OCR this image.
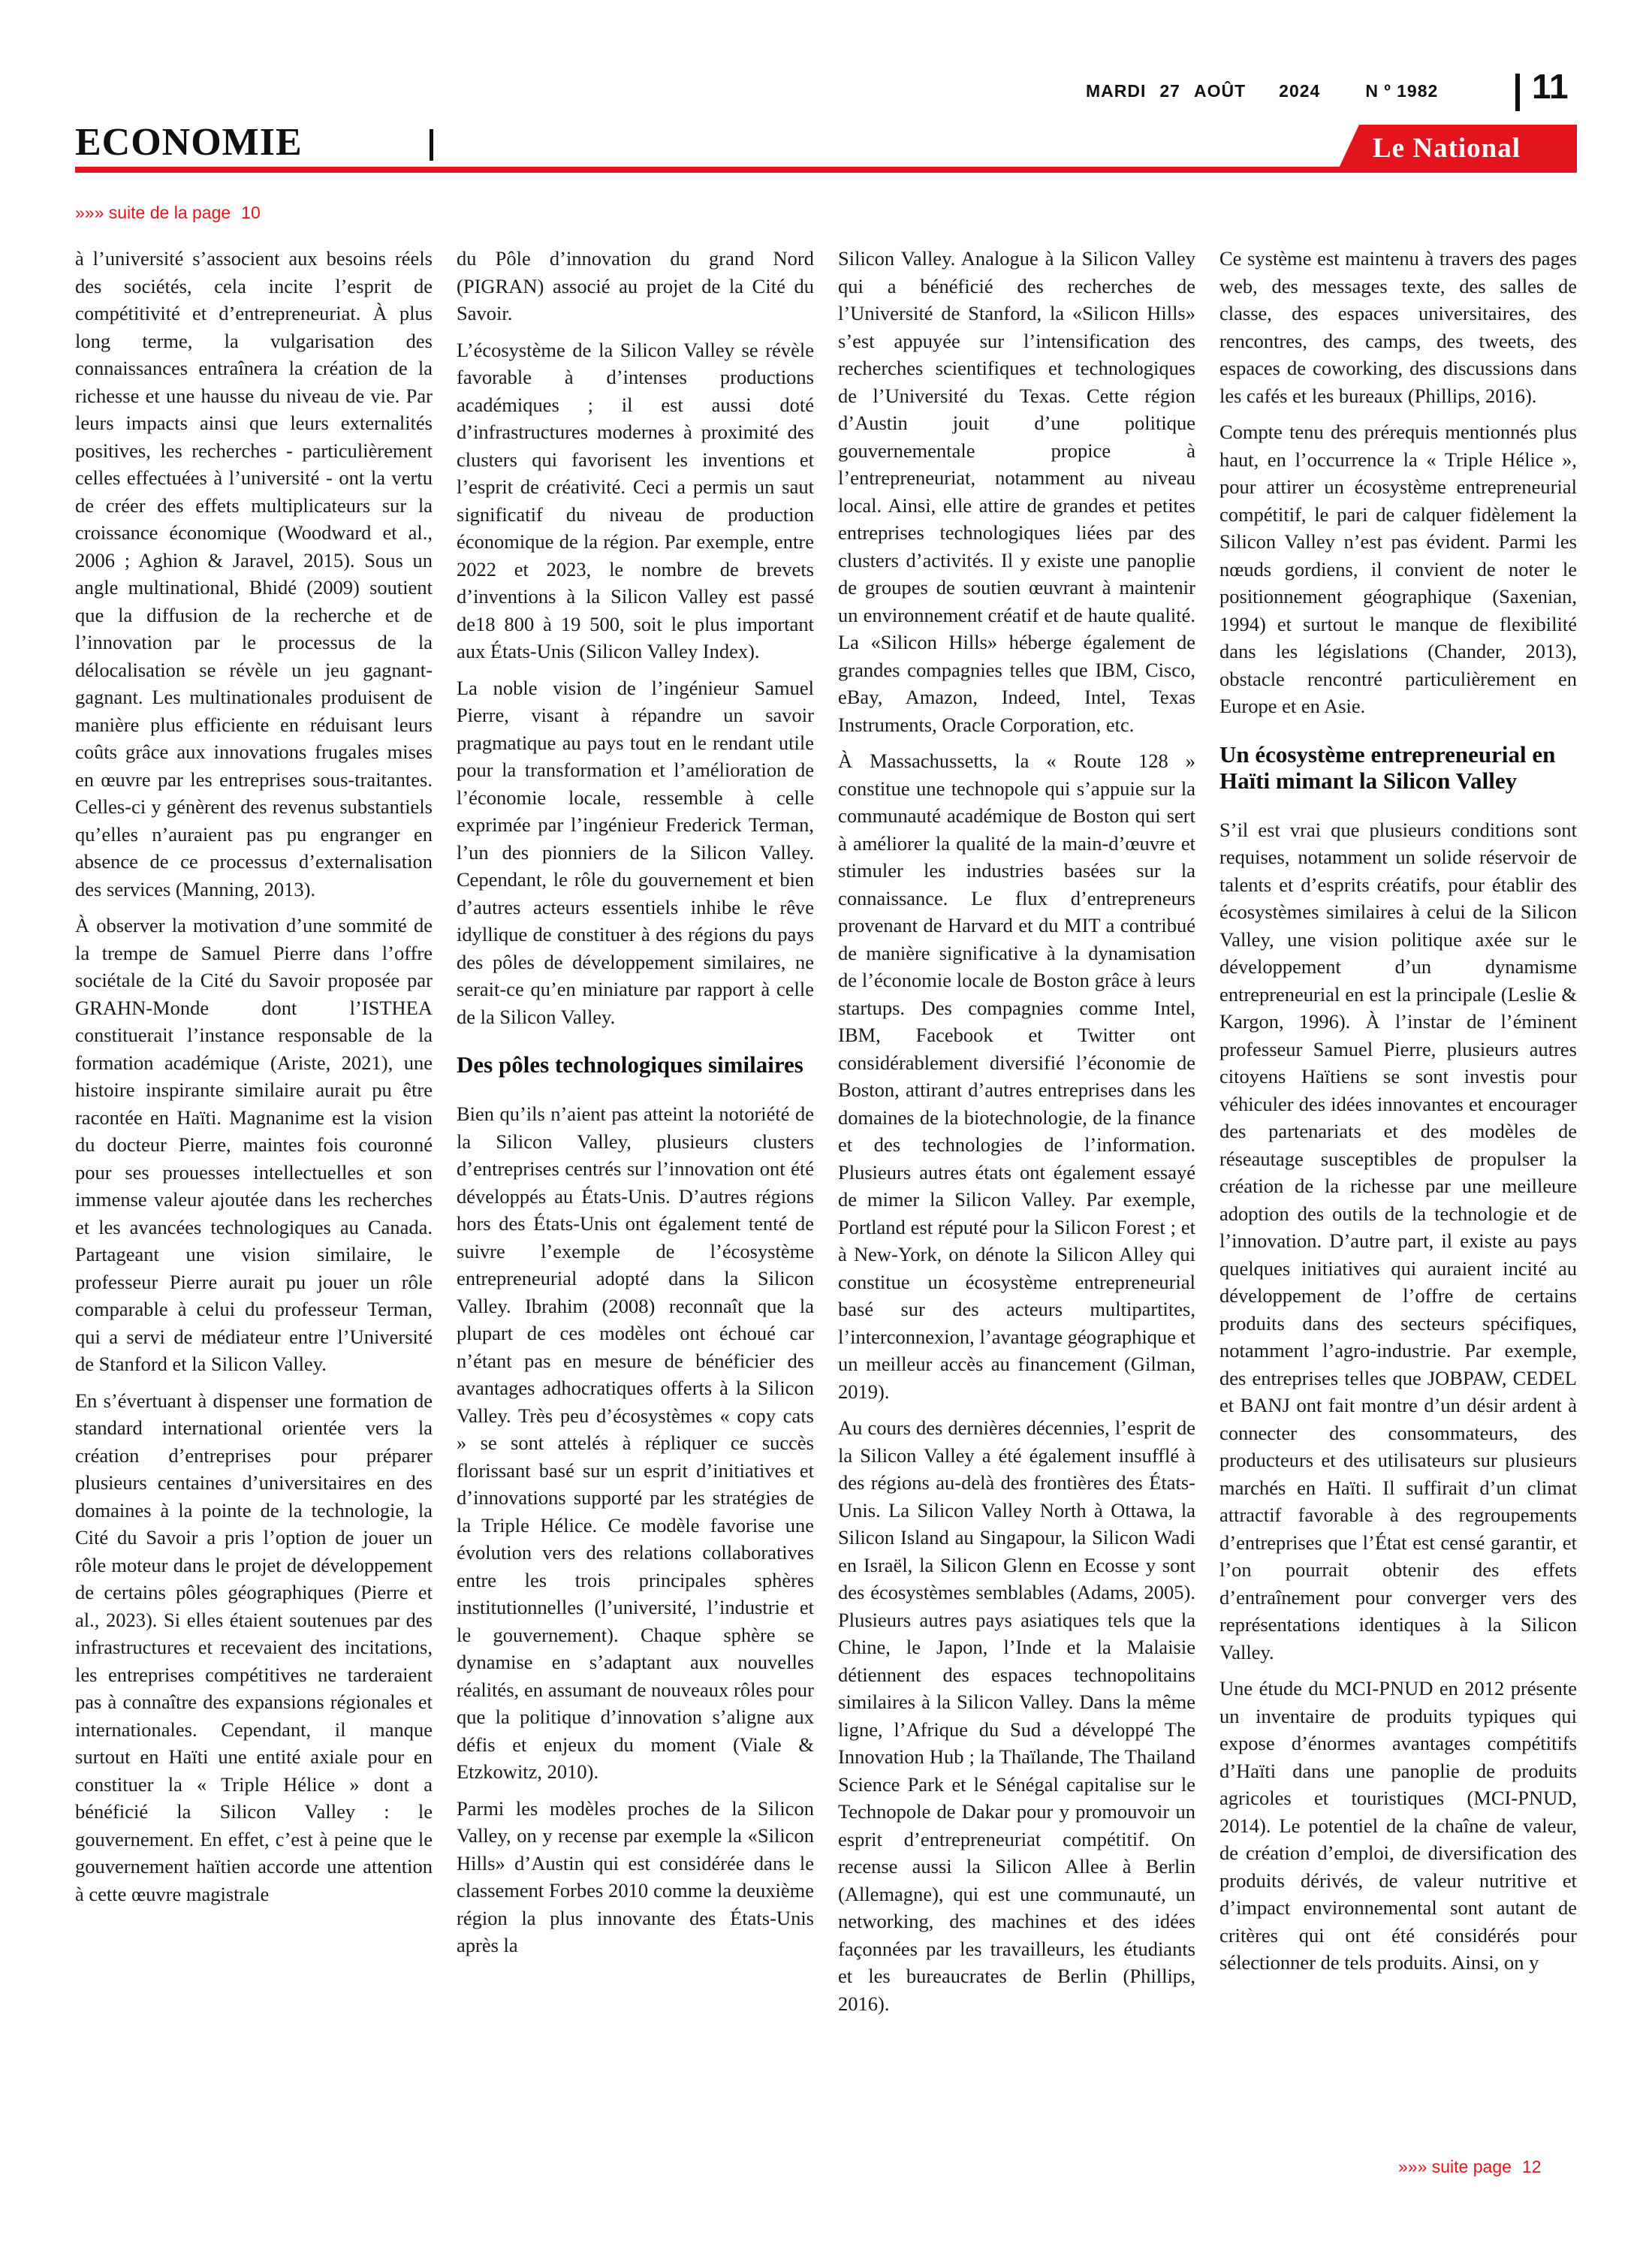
MARDI 27 AOÛT 2024	N º 1982	11
ECONOMIE	Le National
»»» suite de la page 10

à l’université s’associent aux besoins réels des sociétés, cela incite l’esprit de compétitivité et d’entrepreneuriat. À plus long terme, la vulgarisation des connaissances entraînera la création de la richesse et une hausse du niveau de vie. Par leurs impacts ainsi que leurs externalités positives, les recherches - particulièrement celles effectuées à l’université - ont la vertu de créer des effets multiplicateurs sur la croissance économique (Woodward et al., 2006 ; Aghion & Jaravel, 2015). Sous un angle multinational, Bhidé (2009) soutient que la diffusion de la recherche et de l’innovation par le processus de la délocalisation se révèle un jeu gagnant-gagnant. Les multinationales produisent de manière plus efficiente en réduisant leurs coûts grâce aux innovations frugales mises en œuvre par les entreprises sous-traitantes. Celles-ci y génèrent des revenus substantiels qu’elles n’auraient pas pu engranger en absence de ce processus d’externalisation des services (Manning, 2013).

À observer la motivation d’une sommité de la trempe de Samuel Pierre dans l’offre sociétale de la Cité du Savoir proposée par GRAHN-Monde dont l’ISTHEA constituerait l’instance responsable de la formation académique (Ariste, 2021), une histoire inspirante similaire aurait pu être racontée en Haïti. Magnanime est la vision du docteur Pierre, maintes fois couronné pour ses prouesses intellectuelles et son immense valeur ajoutée dans les recherches et les avancées technologiques au Canada. Partageant une vision similaire, le professeur Pierre aurait pu jouer un rôle comparable à celui du professeur Terman, qui a servi de médiateur entre l’Université de Stanford et la Silicon Valley.

En s’évertuant à dispenser une formation de standard international orientée vers la création d’entreprises pour préparer plusieurs centaines d’universitaires en des domaines à la pointe de la technologie, la Cité du Savoir a pris l’option de jouer un rôle moteur dans le projet de développement de certains pôles géographiques (Pierre et al., 2023). Si elles étaient soutenues par des infrastructures et recevaient des incitations, les entreprises compétitives ne tarderaient pas à connaître des expansions régionales et internationales. Cependant, il manque surtout en Haïti une entité axiale pour en constituer la « Triple Hélice » dont a bénéficié la Silicon Valley : le gouvernement. En effet, c’est à peine que le gouvernement haïtien accorde une attention à cette œuvre magistrale

du Pôle d’innovation du grand Nord (PIGRAN) associé au projet de la Cité du Savoir.

L’écosystème de la Silicon Valley se révèle favorable à d’intenses productions académiques ; il est aussi doté d’infrastructures modernes à proximité des clusters qui favorisent les inventions et l’esprit de créativité. Ceci a permis un saut significatif du niveau de production économique de la région. Par exemple, entre 2022 et 2023, le nombre de brevets d’inventions à la Silicon Valley est passé de18 800 à 19 500, soit le plus important aux États-Unis (Silicon Valley Index).

La noble vision de l’ingénieur Samuel Pierre, visant à répandre un savoir pragmatique au pays tout en le rendant utile pour la transformation et l’amélioration de l’économie locale, ressemble à celle exprimée par l’ingénieur Frederick Terman, l’un des pionniers de la Silicon Valley. Cependant, le rôle du gouvernement et bien d’autres acteurs essentiels inhibe le rêve idyllique de constituer à des régions du pays des pôles de développement similaires, ne serait-ce qu’en miniature par rapport à celle de la Silicon Valley.

Des pôles technologiques similaires

Bien qu’ils n’aient pas atteint la notoriété de la Silicon Valley, plusieurs clusters d’entreprises centrés sur l’innovation ont été développés au États-Unis. D’autres régions hors des États-Unis ont également tenté de suivre l’exemple de l’écosystème entrepreneurial adopté dans la Silicon Valley. Ibrahim (2008) reconnaît que la plupart de ces modèles ont échoué car n’étant pas en mesure de bénéficier des avantages adhocratiques offerts à la Silicon Valley. Très peu d’écosystèmes « copy cats » se sont attelés à répliquer ce succès florissant basé sur un esprit d’initiatives et d’innovations supporté par les stratégies de la Triple Hélice. Ce modèle favorise une évolution vers des relations collaboratives entre les trois principales sphères institutionnelles (l’université, l’industrie et le gouvernement). Chaque sphère se dynamise en s’adaptant aux nouvelles réalités, en assumant de nouveaux rôles pour que la politique d’innovation s’aligne aux défis et enjeux du moment (Viale & Etzkowitz, 2010).

Parmi les modèles proches de la Silicon Valley, on y recense par exemple la «Silicon Hills» d’Austin qui est considérée dans le classement Forbes 2010 comme la deuxième région la plus innovante des États-Unis après la

Silicon Valley. Analogue à la Silicon Valley qui a bénéficié des recherches de l’Université de Stanford, la «Silicon Hills» s’est appuyée sur l’intensification des recherches scientifiques et technologiques de l’Université du Texas. Cette région d’Austin jouit d’une politique gouvernementale propice à l’entrepreneuriat, notamment au niveau local. Ainsi, elle attire de grandes et petites entreprises technologiques liées par des clusters d’activités. Il y existe une panoplie de groupes de soutien œuvrant à maintenir un environnement créatif et de haute qualité. La «Silicon Hills» héberge également de grandes compagnies telles que IBM, Cisco, eBay, Amazon, Indeed, Intel, Texas Instruments, Oracle Corporation, etc.

À Massachussetts, la « Route 128 » constitue une technopole qui s’appuie sur la communauté académique de Boston qui sert à améliorer la qualité de la main-d’œuvre et stimuler les industries basées sur la connaissance. Le flux d’entrepreneurs provenant de Harvard et du MIT a contribué de manière significative à la dynamisation de l’économie locale de Boston grâce à leurs startups. Des compagnies comme Intel, IBM, Facebook et Twitter ont considérablement diversifié l’économie de Boston, attirant d’autres entreprises dans les domaines de la biotechnologie, de la finance et des technologies de l’information. Plusieurs autres états ont également essayé de mimer la Silicon Valley. Par exemple, Portland est réputé pour la Silicon Forest ; et à New-York, on dénote la Silicon Alley qui constitue un écosystème entrepreneurial basé sur des acteurs multipartites, l’interconnexion, l’avantage géographique et un meilleur accès au financement (Gilman, 2019).

Au cours des dernières décennies, l’esprit de la Silicon Valley a été également insufflé à des régions au-delà des frontières des États-Unis. La Silicon Valley North à Ottawa, la Silicon Island au Singapour, la Silicon Wadi en Israël, la Silicon Glenn en Ecosse y sont des écosystèmes semblables (Adams, 2005). Plusieurs autres pays asiatiques tels que la Chine, le Japon, l’Inde et la Malaisie détiennent des espaces technopolitains similaires à la Silicon Valley. Dans la même ligne, l’Afrique du Sud a développé The Innovation Hub ; la Thaïlande, The Thailand Science Park et le Sénégal capitalise sur le Technopole de Dakar pour y promouvoir un esprit d’entrepreneuriat compétitif. On recense aussi la Silicon Allee à Berlin (Allemagne), qui est une communauté, un networking, des machines et des idées façonnées par les travailleurs, les étudiants et les bureaucrates de Berlin (Phillips, 2016).

Ce système est maintenu à travers des pages web, des messages texte, des salles de classe, des espaces universitaires, des rencontres, des camps, des tweets, des espaces de coworking, des discussions dans les cafés et les bureaux (Phillips, 2016).

Compte tenu des prérequis mentionnés plus haut, en l’occurrence la « Triple Hélice », pour attirer un écosystème entrepreneurial compétitif, le pari de calquer fidèlement la Silicon Valley n’est pas évident. Parmi les nœuds gordiens, il convient de noter le positionnement géographique (Saxenian, 1994) et surtout le manque de flexibilité dans les législations (Chander, 2013), obstacle rencontré particulièrement en Europe et en Asie.

Un écosystème entrepreneurial en Haïti mimant la Silicon Valley

S’il est vrai que plusieurs conditions sont requises, notamment un solide réservoir de talents et d’esprits créatifs, pour établir des écosystèmes similaires à celui de la Silicon Valley, une vision politique axée sur le développement d’un dynamisme entrepreneurial en est la principale (Leslie & Kargon, 1996). À l’instar de l’éminent professeur Samuel Pierre, plusieurs autres citoyens Haïtiens se sont investis pour véhiculer des idées innovantes et encourager des partenariats et des modèles de réseautage susceptibles de propulser la création de la richesse par une meilleure adoption des outils de la technologie et de l’innovation. D’autre part, il existe au pays quelques initiatives qui auraient incité au développement de l’offre de certains produits dans des secteurs spécifiques, notamment l’agro-industrie. Par exemple, des entreprises telles que JOBPAW, CEDEL et BANJ ont fait montre d’un désir ardent à connecter des consommateurs, des producteurs et des utilisateurs sur plusieurs marchés en Haïti. Il suffirait d’un climat attractif favorable à des regroupements d’entreprises que l’État est censé garantir, et l’on pourrait obtenir des effets d’entraînement pour converger vers des représentations identiques à la Silicon Valley.

Une étude du MCI-PNUD en 2012 présente un inventaire de produits typiques qui expose d’énormes avantages compétitifs d’Haïti dans une panoplie de produits agricoles et touristiques (MCI-PNUD, 2014). Le potentiel de la chaîne de valeur, de création d’emploi, de diversification des produits dérivés, de valeur nutritive et d’impact environnemental sont autant de critères qui ont été considérés pour sélectionner de tels produits. Ainsi, on y

»»» suite page 12
